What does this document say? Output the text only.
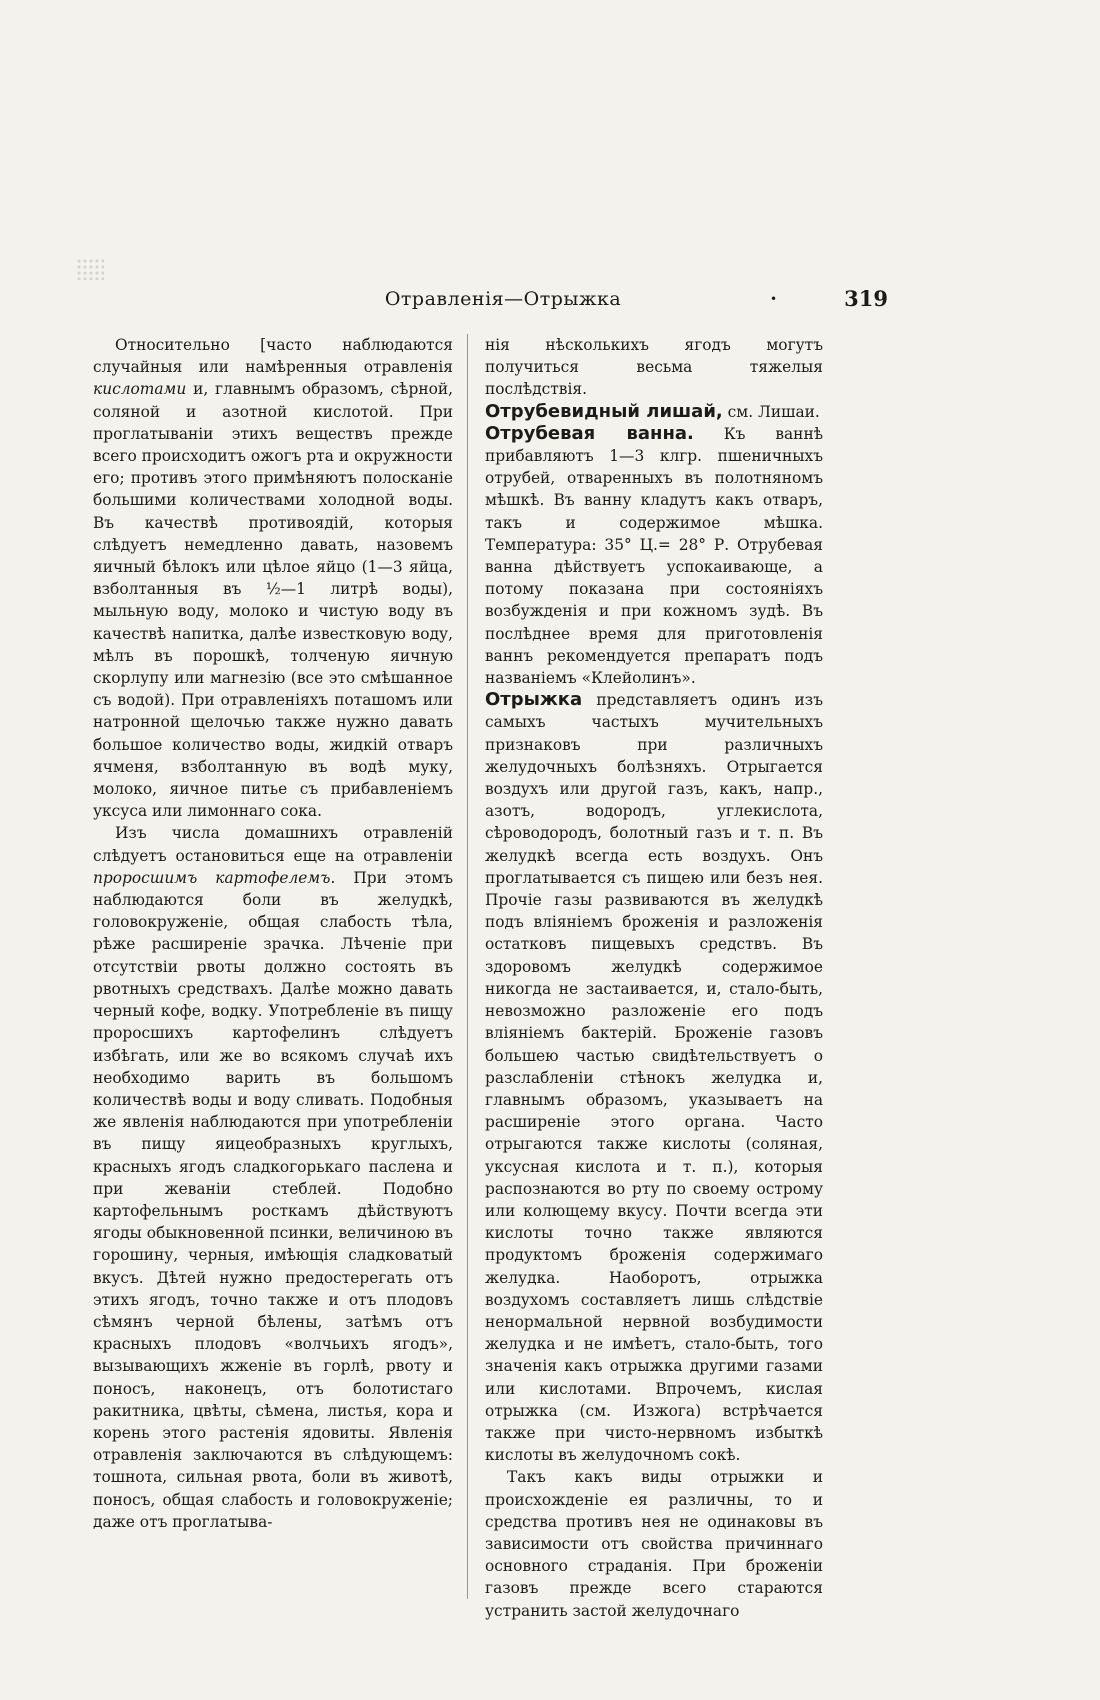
Отравленія—Отрыжка	•	319

Относительно [часто наблюдаются случайныя или намѣренныя отравленія кислотами и, главнымъ образомъ, сѣрной, соляной и азотной кислотой. При проглатываніи этихъ веществъ прежде всего происходитъ ожогъ рта и окружности его; противъ этого примѣняютъ полосканіе большими количествами холодной воды. Въ качествѣ противоядій, которыя слѣдуетъ немедленно давать, назовемъ яичный бѣлокъ или цѣлое яйцо (1—3 яйца, взболтанныя въ ½—1 литрѣ воды), мыльную воду, молоко и чистую воду въ качествѣ напитка, далѣе известковую воду, мѣлъ въ порошкѣ, толченую яичную скорлупу или магнезію (все это смѣшанное съ водой). При отравленіяхъ поташомъ или натронной щелочью также нужно давать большое количество воды, жидкій отваръ ячменя, взболтанную въ водѣ муку, молоко, яичное питье съ прибавленіемъ уксуса или лимоннаго сока.

Изъ числа домашнихъ отравленій слѣдуетъ остановиться еще на отравленіи проросшимъ картофелемъ. При этомъ наблюдаются боли въ желудкѣ, головокруженіе, общая слабость тѣла, рѣже расширеніе зрачка. Лѣченіе при отсутствіи рвоты должно состоять въ рвотныхъ средствахъ. Далѣе можно давать черный кофе, водку. Употребленіе въ пищу проросшихъ картофелинъ слѣдуетъ избѣгать, или же во всякомъ случаѣ ихъ необходимо варить въ большомъ количествѣ воды и воду сливать. Подобныя же явленія наблюдаются при употребленіи въ пищу яицеобразныхъ круглыхъ, красныхъ ягодъ сладкогорькаго паслена и при жеваніи стеблей. Подобно картофельнымъ росткамъ дѣйствуютъ ягоды обыкновенной псинки, величиною въ горошину, черныя, имѣющія сладковатый вкусъ. Дѣтей нужно предостерегать отъ этихъ ягодъ, точно также и отъ плодовъ сѣмянъ черной бѣлены, затѣмъ отъ красныхъ плодовъ «волчьихъ ягодъ», вызывающихъ жженіе въ горлѣ, рвоту и поносъ, наконецъ, отъ болотистаго ракитника, цвѣты, сѣмена, листья, кора и корень этого растенія ядовиты. Явленія отравленія заключаются въ слѣдующемъ: тошнота, сильная рвота, боли въ животѣ, поносъ, общая слабость и головокруженіе; даже отъ проглатыва-

нія нѣсколькихъ ягодъ могутъ получиться весьма тяжелыя послѣдствія.

Отрубевидный лишай, см. Лишаи.

Отрубевая ванна. Къ ваннѣ прибавляютъ 1—3 клгр. пшеничныхъ отрубей, отваренныхъ въ полотняномъ мѣшкѣ. Въ ванну кладутъ какъ отваръ, такъ и содержимое мѣшка. Температура: 35° Ц.= 28° Р. Отрубевая ванна дѣйствуетъ успокаивающе, а потому показана при состояніяхъ возбужденія и при кожномъ зудѣ. Въ послѣднее время для приготовленія ваннъ рекомендуется препаратъ подъ названіемъ «Клейолинъ».

Отрыжка представляетъ одинъ изъ самыхъ частыхъ мучительныхъ признаковъ при различныхъ желудочныхъ болѣзняхъ. Отрыгается воздухъ или другой газъ, какъ, напр., азотъ, водородъ, углекислота, сѣроводородъ, болотный газъ и т. п. Въ желудкѣ всегда есть воздухъ. Онъ проглатывается съ пищею или безъ нея. Прочіе газы развиваются въ желудкѣ подъ вліяніемъ броженія и разложенія остатковъ пищевыхъ средствъ. Въ здоровомъ желудкѣ содержимое никогда не застаивается, и, стало-быть, невозможно разложеніе его подъ вліяніемъ бактерій. Броженіе газовъ большею частью свидѣтельствуетъ о разслабленіи стѣнокъ желудка и, главнымъ образомъ, указываетъ на расширеніе этого органа. Часто отрыгаются также кислоты (соляная, уксусная кислота и т. п.), которыя распознаются во рту по своему острому или колющему вкусу. Почти всегда эти кислоты точно также являются продуктомъ броженія содержимаго желудка. Наоборотъ, отрыжка воздухомъ составляетъ лишь слѣдствіе ненормальной нервной возбудимости желудка и не имѣетъ, стало-быть, того значенія какъ отрыжка другими газами или кислотами. Впрочемъ, кислая отрыжка (см. Изжога) встрѣчается также при чисто-нервномъ избыткѣ кислоты въ желудочномъ сокѣ.

Такъ какъ виды отрыжки и происхожденіе ея различны, то и средства противъ нея не одинаковы въ зависимости отъ свойства причиннаго основного страданія. При броженіи газовъ прежде всего стараются устранить застой желудочнаго
